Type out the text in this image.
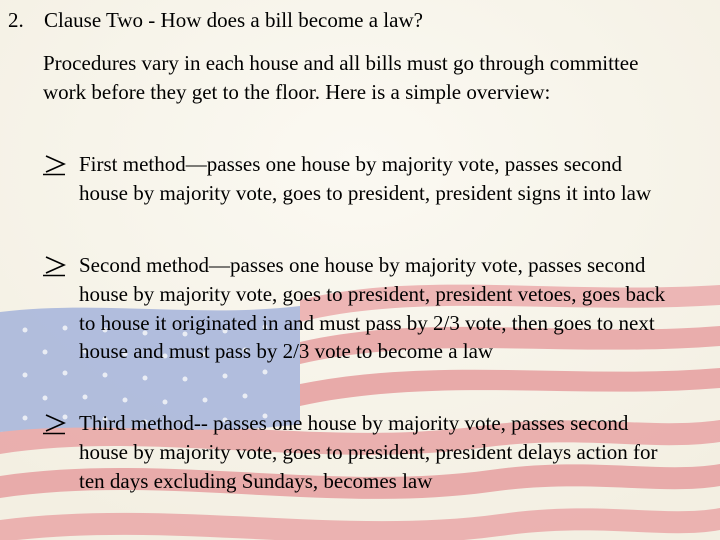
2. Clause Two - How does a bill become a law?
Procedures vary in each house and all bills must go through committee work before they get to the floor. Here is a simple overview:
First method—passes one house by majority vote, passes second house by majority vote, goes to president, president signs it into law
Second method—passes one house by majority vote, passes second house by majority vote, goes to president, president vetoes, goes back to house it originated in and must pass by 2/3 vote, then goes to next house and must pass by 2/3 vote to become a law
Third method-- passes one house by majority vote, passes second house by majority vote, goes to president, president delays action for ten days excluding Sundays, becomes law
